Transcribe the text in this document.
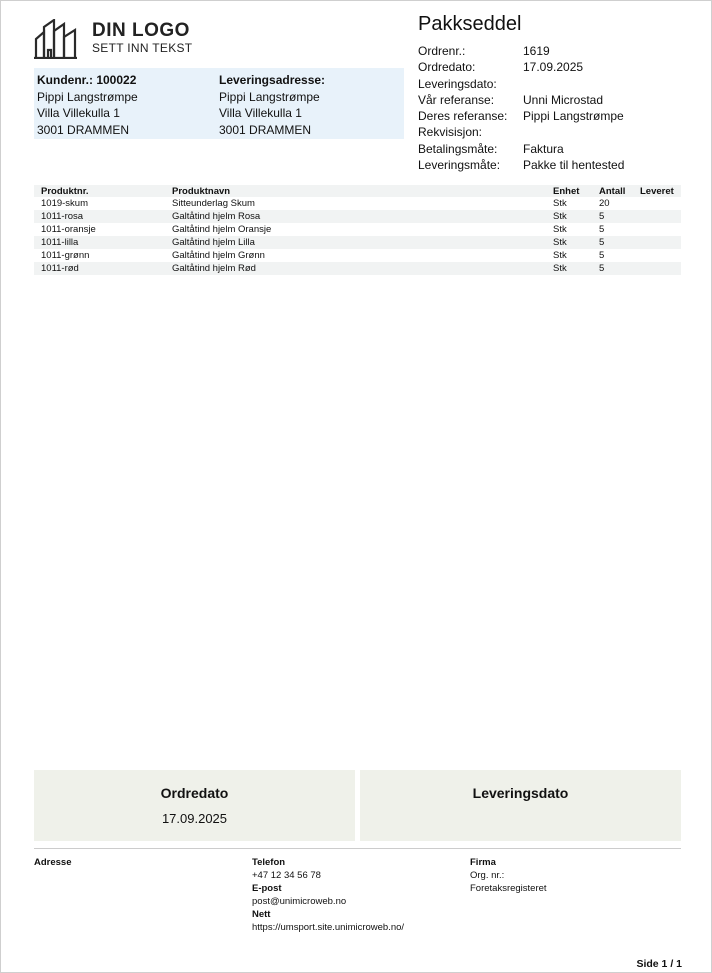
DIN LOGO
SETT INN TEKST
Pakkseddel
Ordrenr.:	1619
Ordredato:	17.09.2025
Leveringsdato:
Vår referanse:	Unni Microstad
Deres referanse:	Pippi Langstrømpe
Rekvisisjon:
Betalingsmåte:	Faktura
Leveringsmåte:	Pakke til hentested
Kundenr.: 100022
Pippi Langstrømpe
Villa Villekulla 1
3001 DRAMMEN
Leveringsadresse:
Pippi Langstrømpe
Villa Villekulla 1
3001 DRAMMEN
Produktnr.	Produktnavn	Enhet	Antall	Leveret
1019-skum	Sitteunderlag Skum	Stk	20	
1011-rosa	Galtåtind hjelm Rosa	Stk	5	
1011-oransje	Galtåtind hjelm Oransje	Stk	5	
1011-lilla	Galtåtind hjelm Lilla	Stk	5	
1011-grønn	Galtåtind hjelm Grønn	Stk	5	
1011-rød	Galtåtind hjelm Rød	Stk	5	
Ordredato
17.09.2025
Leveringsdato
Adresse	Telefon
+47 12 34 56 78
E-post
post@unimicroweb.no
Nett
https://umsport.site.unimicroweb.no/
Firma
Org. nr.:
Foretaksregisteret
Side 1 / 1
